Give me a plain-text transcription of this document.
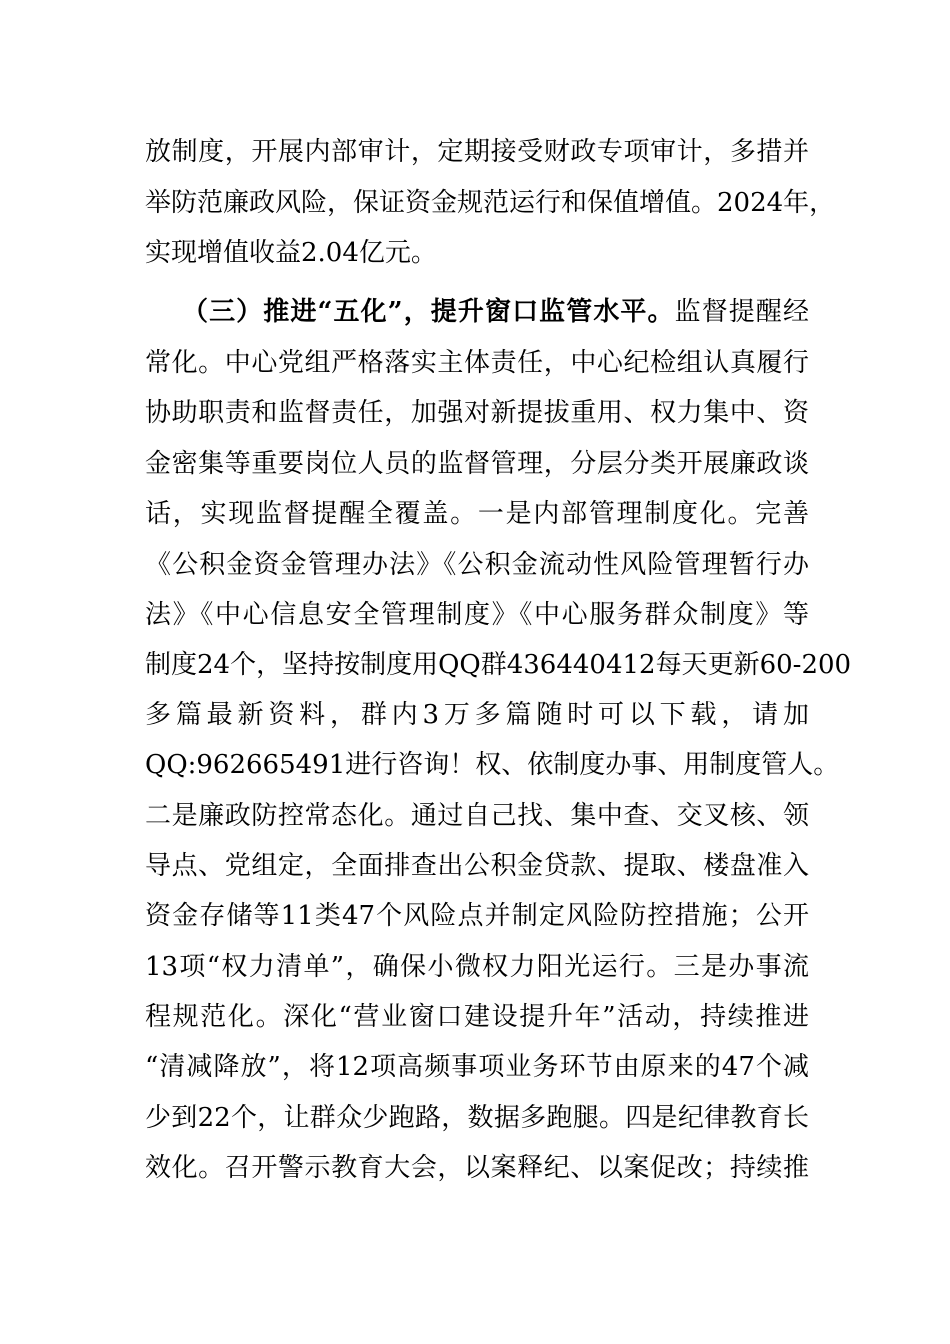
放制度，开展内部审计，定期接受财政专项审计，多措并
举防范廉政风险，保证资金规范运行和保值增值。2024年，
实现增值收益2.04亿元。
（三）推进“五化”，提升窗口监管水平。监督提醒经
常化。中心党组严格落实主体责任，中心纪检组认真履行
协助职责和监督责任，加强对新提拔重用、权力集中、资
金密集等重要岗位人员的监督管理，分层分类开展廉政谈
话，实现监督提醒全覆盖。一是内部管理制度化。完善
《公积金资金管理办法》《公积金流动性风险管理暂行办
法》《中心信息安全管理制度》《中心服务群众制度》等
制度24个，坚持按制度用QQ群436440412每天更新60-200
多篇最新资料，群内3万多篇随时可以下载，请加
QQ:962665491进行咨询！权、依制度办事、用制度管人。
二是廉政防控常态化。通过自己找、集中查、交叉核、领
导点、党组定，全面排查出公积金贷款、提取、楼盘准入
资金存储等11类47个风险点并制定风险防控措施；公开
13项“权力清单”，确保小微权力阳光运行。三是办事流
程规范化。深化“营业窗口建设提升年”活动，持续推进
“清减降放”，将12项高频事项业务环节由原来的47个减
少到22个，让群众少跑路，数据多跑腿。四是纪律教育长
效化。召开警示教育大会，以案释纪、以案促改；持续推
